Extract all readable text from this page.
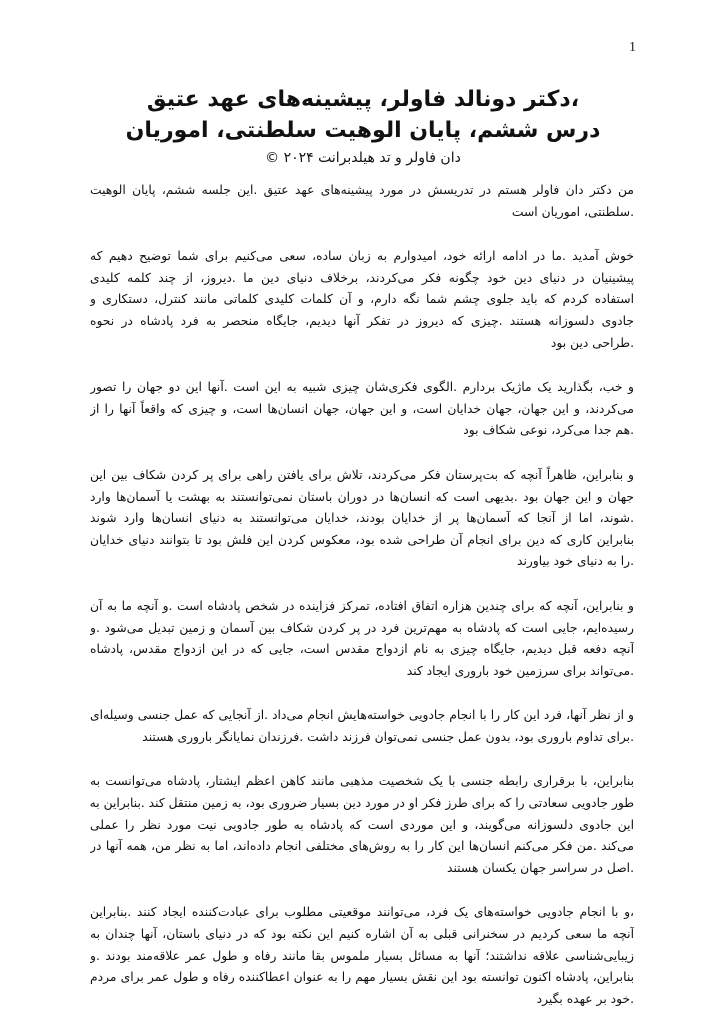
1
،دکتر دونالد فاولر، پیشینه‌های عهد عتیق
درس ششم، پایان الوهیت سلطنتی، اموریان
دان فاولر و تد هیلدبرانت ۲۰۲۴ ©
من دکتر دان فاولر هستم در تدریسش در مورد پیشینه‌های عهد عتیق .این جلسه ششم، پایان الوهیت
.سلطنتی، اموریان است
خوش آمدید .ما در ادامه ارائه خود، امیدوارم به زبان ساده، سعی می‌کنیم برای شما توضیح دهیم که
پیشینیان در دنیای دین خود چگونه فکر می‌کردند، برخلاف دنیای دین ما .دیروز، از چند کلمه کلیدی
استفاده کردم که باید جلوی چشم شما نگه دارم، و آن کلمات کلیدی کلماتی مانند کنترل، دستکاری و
جادوی دلسوزانه هستند .چیزی که دیروز در تفکر آنها دیدیم، جایگاه منحصر به فرد پادشاه در نحوه
.طراحی دین بود
و خب، بگذارید یک ماژیک بردارم .الگوی فکری‌شان چیزی شبیه به این است .آنها این دو جهان را تصور
می‌کردند، و این جهان، جهان خدایان است، و این جهان، جهان انسان‌ها است، و چیزی که واقعاً آنها را از
.هم جدا می‌کرد، نوعی شکاف بود
و بنابراین، ظاهراً آنچه که بت‌پرستان فکر می‌کردند، تلاش برای یافتن راهی برای پر کردن شکاف بین این
جهان و این جهان بود .بدیهی است که انسان‌ها در دوران باستان نمی‌توانستند به بهشت یا آسمان‌ها وارد
.شوند، اما از آنجا که آسمان‌ها پر از خدایان بودند، خدایان می‌توانستند به دنیای انسان‌ها وارد شوند
بنابراین کاری که دین برای انجام آن طراحی شده بود، معکوس کردن این فلش بود تا بتوانند دنیای خدایان
.را به دنیای خود بیاورند
و بنابراین، آنچه که برای چندین هزاره اتفاق افتاده، تمرکز فزاینده در شخص پادشاه است .و آنچه ما به آن
رسیده‌ایم، جایی است که پادشاه به مهم‌ترین فرد در پر کردن شکاف بین آسمان و زمین تبدیل می‌شود .و
آنچه دفعه قبل دیدیم، جایگاه چیزی به نام ازدواج مقدس است، جایی که در این ازدواج مقدس، پادشاه
.می‌تواند برای سرزمین خود باروری ایجاد کند
و از نظر آنها، فرد این کار را با انجام جادویی خواسته‌هایش انجام می‌داد .از آنجایی که عمل جنسی وسیله‌ای
.برای تداوم باروری بود، بدون عمل جنسی نمی‌توان فرزند داشت .فرزندان نمایانگر باروری هستند
بنابراین، با برقراری رابطه جنسی با یک شخصیت مذهبی مانند کاهن اعظم ایشتار، پادشاه می‌توانست به
طور جادویی سعادتی را که برای طرز فکر او در مورد دین بسیار ضروری بود، به زمین منتقل کند .بنابراین به
این جادوی دلسوزانه می‌گویند، و این موردی است که پادشاه به طور جادویی نیت مورد نظر را عملی
می‌کند .من فکر می‌کنم انسان‌ها این کار را به روش‌های مختلفی انجام داده‌اند، اما به نظر من، همه آنها در
.اصل در سراسر جهان یکسان هستند
،و با انجام جادویی خواسته‌های یک فرد، می‌توانند موقعیتی مطلوب برای عبادت‌کننده ایجاد کنند .بنابراین
آنچه ما سعی کردیم در سخنرانی قبلی به آن اشاره کنیم این نکته بود که در دنیای باستان، آنها چندان به
زیبایی‌شناسی علاقه نداشتند؛ آنها به مسائل بسیار ملموس بقا مانند رفاه و طول عمر علاقه‌مند بودند .و
بنابراین، پادشاه اکنون توانسته بود این نقش بسیار مهم را به عنوان اعطاکننده رفاه و طول عمر برای مردم
.خود بر عهده بگیرد
